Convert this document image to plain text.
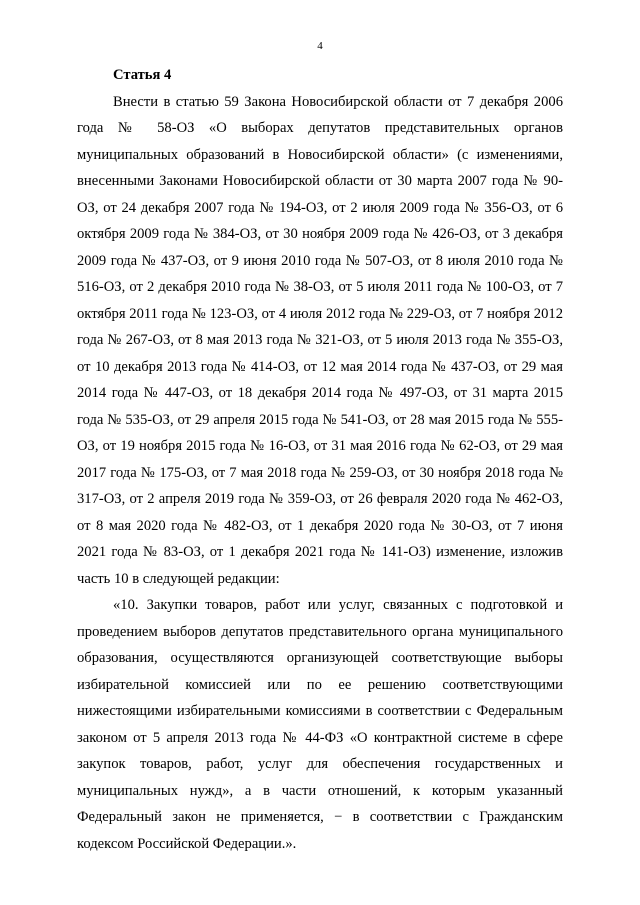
4

Статья 4

Внести в статью 59 Закона Новосибирской области от 7 декабря 2006 года № 58-ОЗ «О выборах депутатов представительных органов муниципальных образований в Новосибирской области» (с изменениями, внесенными Законами Новосибирской области от 30 марта 2007 года № 90-ОЗ, от 24 декабря 2007 года № 194-ОЗ, от 2 июля 2009 года № 356-ОЗ, от 6 октября 2009 года № 384-ОЗ, от 30 ноября 2009 года № 426-ОЗ, от 3 декабря 2009 года № 437-ОЗ, от 9 июня 2010 года № 507-ОЗ, от 8 июля 2010 года № 516-ОЗ, от 2 декабря 2010 года № 38-ОЗ, от 5 июля 2011 года № 100-ОЗ, от 7 октября 2011 года № 123-ОЗ, от 4 июля 2012 года № 229-ОЗ, от 7 ноября 2012 года № 267-ОЗ, от 8 мая 2013 года № 321-ОЗ, от 5 июля 2013 года № 355-ОЗ, от 10 декабря 2013 года № 414-ОЗ, от 12 мая 2014 года № 437-ОЗ, от 29 мая 2014 года № 447-ОЗ, от 18 декабря 2014 года № 497-ОЗ, от 31 марта 2015 года № 535-ОЗ, от 29 апреля 2015 года № 541-ОЗ, от 28 мая 2015 года № 555-ОЗ, от 19 ноября 2015 года № 16-ОЗ, от 31 мая 2016 года № 62-ОЗ, от 29 мая 2017 года № 175-ОЗ, от 7 мая 2018 года № 259-ОЗ, от 30 ноября 2018 года № 317-ОЗ, от 2 апреля 2019 года № 359-ОЗ, от 26 февраля 2020 года № 462-ОЗ, от 8 мая 2020 года № 482-ОЗ, от 1 декабря 2020 года № 30-ОЗ, от 7 июня 2021 года № 83-ОЗ, от 1 декабря 2021 года № 141-ОЗ) изменение, изложив часть 10 в следующей редакции:

«10. Закупки товаров, работ или услуг, связанных с подготовкой и проведением выборов депутатов представительного органа муниципального образования, осуществляются организующей соответствующие выборы избирательной комиссией или по ее решению соответствующими нижестоящими избирательными комиссиями в соответствии с Федеральным законом от 5 апреля 2013 года № 44-ФЗ «О контрактной системе в сфере закупок товаров, работ, услуг для обеспечения государственных и муниципальных нужд», а в части отношений, к которым указанный Федеральный закон не применяется, − в соответствии с Гражданским кодексом Российской Федерации.».
